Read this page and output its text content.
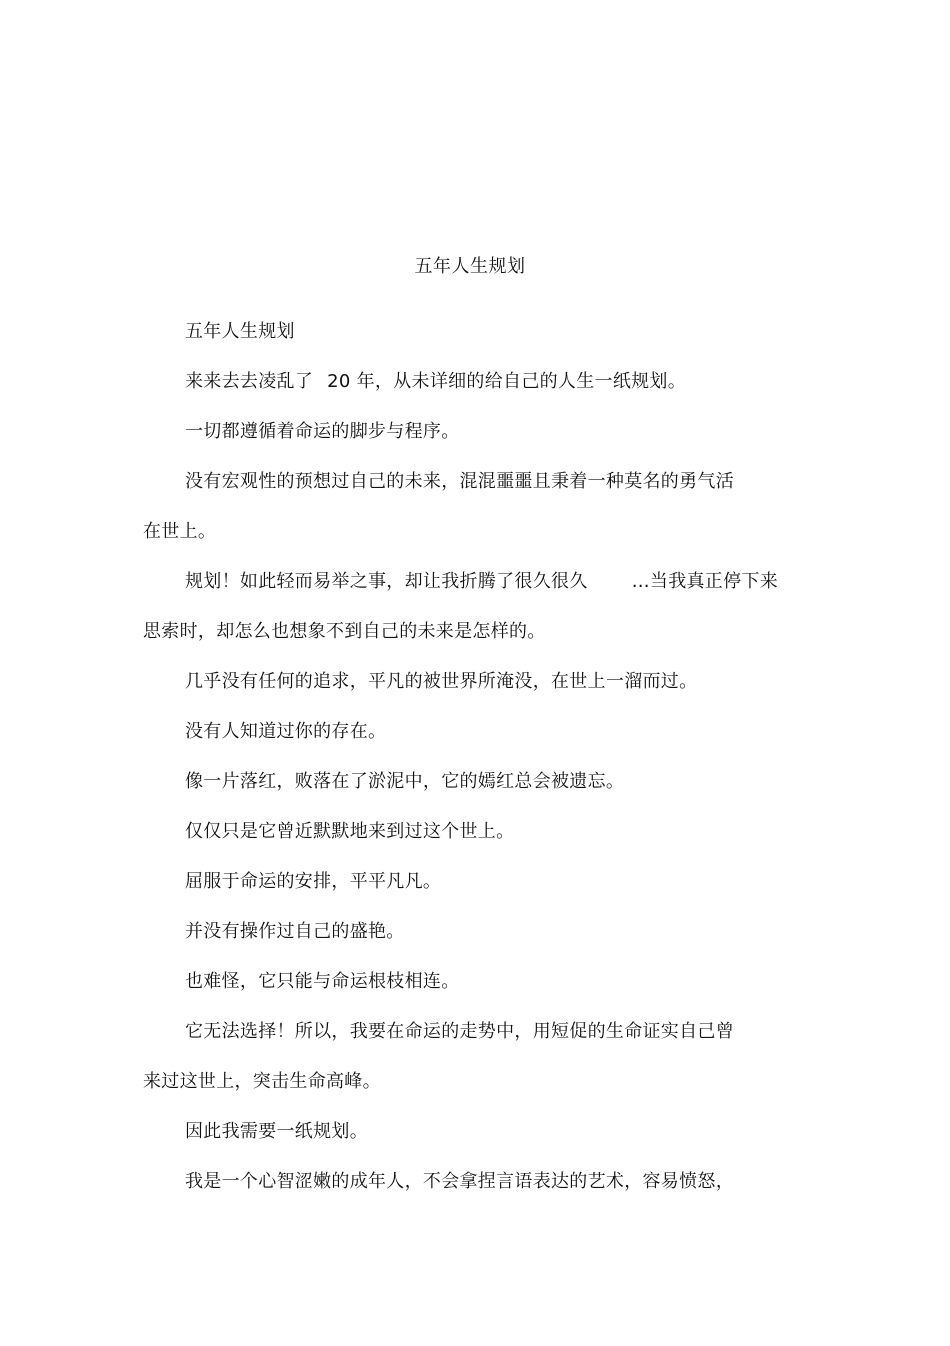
五年人生规划
五年人生规划
来来去去凌乱了 20 年，从未详细的给自己的人生一纸规划。
一切都遵循着命运的脚步与程序。
没有宏观性的预想过自己的未来，混混噩噩且秉着一种莫名的勇气活
在世上。
规划！如此轻而易举之事，却让我折腾了很久很久 …当我真正停下来
思索时，却怎么也想象不到自己的未来是怎样的。
几乎没有任何的追求，平凡的被世界所淹没，在世上一溜而过。
没有人知道过你的存在。
像一片落红，败落在了淤泥中，它的嫣红总会被遗忘。
仅仅只是它曾近默默地来到过这个世上。
屈服于命运的安排，平平凡凡。
并没有操作过自己的盛艳。
也难怪，它只能与命运根枝相连。
它无法选择！所以，我要在命运的走势中，用短促的生命证实自己曾
来过这世上，突击生命高峰。
因此我需要一纸规划。
我是一个心智涩嫩的成年人，不会拿捏言语表达的艺术，容易愤怒，
